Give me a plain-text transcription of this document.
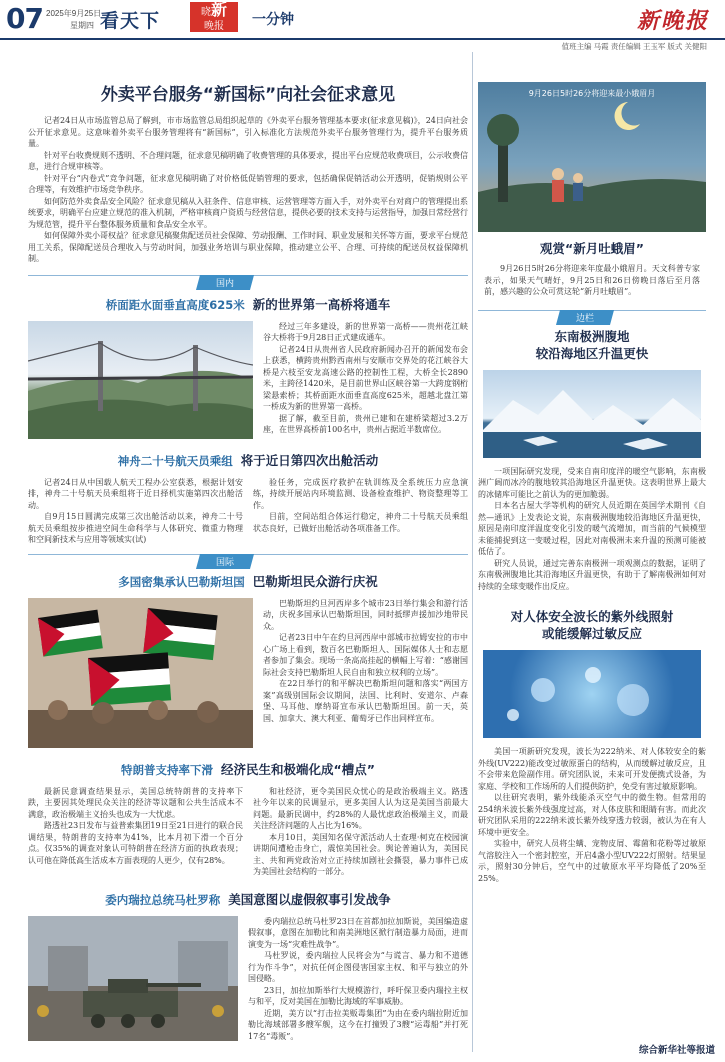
07 2025年9月25日
星期四 看天下	晓新
晚报	一分钟	新晚报
值班主编 马霞 责任编辑 王玉军 版式 关健阳
外卖平台服务“新国标”向社会征求意见

记者24日从市场监管总局了解到，市市场监管总局组织起草的《外卖平台服务管理基本要求(征求意见稿)》，24日向社会公开征求意见。这意味着外卖平台服务管理将有“新国标”，引入标准化方法规范外卖平台服务管理行为，提升平台服务质量。

针对平台收费规则不透明、不合理问题，征求意见稿明确了收费管理的具体要求，提出平台应规范收费项目，公示收费信息，进行合规审核等。

针对平台“内卷式”竞争问题，征求意见稿明确了对价格低促销管理的要求，包括确保促销活动公开透明，促销规则公平合理等，有效维护市场竞争秩序。

如何防范外卖食品安全风险？征求意见稿从入驻条件、信息审核、运营管理等方面入手，对外卖平台对商户的管理提出系统要求，明确平台应建立规范的准入机制，严格审核商户资质与经营信息，提供必要的技术支持与运营指导，加强日常经营行为规范管，提升平台整体服务质量和食品安全水平。

如何保障外卖小哥权益？征求意见稿聚焦配送员社会保障、劳动报酬、工作时间、职业发展和关怀等方面，要求平台规范用工关系，保障配送员合理收入与劳动时间，加强业务培训与职业保障，推动建立公平、合理、可持续的配送员权益保障机制。

国内
桥面距水面垂直高度625米 新的世界第一高桥将通车

经过三年多建设，新的世界第一高桥——贵州花江峡谷大桥将于9月28日正式建成通车。

记者24日从贵州省人民政府新闻办召开的新闻发布会上获悉，横跨贵州黔西南州与安顺市交界处的花江峡谷大桥是六枝至安龙高速公路的控制性工程，大桥全长2890米，主跨径1420米，是目前世界山区峡谷第一大跨度钢桁梁悬索桥；其桥面距水面垂直高度625米，超越北盘江第一桥成为新的世界第一高桥。

据了解，截至目前，贵州已建和在建桥梁超过3.2万座，在世界高桥前100名中，贵州占据近半数席位。

神舟二十号航天员乘组 将于近日第四次出舱活动

记者24日从中国载人航天工程办公室获悉，根据计划安排，神舟二十号航天员乘组将于近日择机实施第四次出舱活动。

自9月15日圆满完成第三次出舱活动以来，神舟二十号航天员乘组按步推进空间生命科学与人体研究、微重力物理和空间新技术与应用等领域实(试)

验任务，完成医疗救护在轨训练及全系统压力应急演练，持续开展站内环境监测、设备检查维护、物资整理等工作。

目前，空间站组合体运行稳定，神舟二十号航天员乘组状态良好，已做好出舱活动各项准备工作。

国际
多国密集承认巴勒斯坦国 巴勒斯坦民众游行庆祝

巴勒斯坦约旦河西岸多个城市23日举行集会和游行活动，庆祝多国承认巴勒斯坦国，同时抵缪声援加沙地带民众。

记者23日中午在约旦河西岸中部城市拉姆安拉的市中心广场上看到，数百名巴勒斯坦人、国际媒体人士和志愿者参加了集会。现场一条高高挂起的横幅上写着：“感谢国际社会支持巴勒斯坦人民自由和独立权利的立场”。

在22日举行的和平解决巴勒斯坦问题和落实“两国方案”高级别国际会议期间，法国、比利时、安道尔、卢森堡、马耳他、摩纳哥宣布承认巴勒斯坦国。前一天，英国、加拿大、澳大利亚、葡萄牙已作出同样宣布。

特朗普支持率下滑 经济民生和极端化成“槽点”

最新民意调查结果显示，美国总统特朗普的支持率下跌，主要因其处理民众关注的经济等议题和公共生活成本不满意，政治极端主义抬头也成为一大忧虑。

路透社23日发布与益普索集团19日至21日进行的联合民调结果，特朗普的支持率为41%，比本月初下滑一个百分点。仅35%的调查对象认可特朗普在经济方面的执政表现；认可他在降低高生活成本方面表现的人更少，仅有28%。

和社经济，更令美国民众忧心的是政治极端主义。路透社今年以来的民调显示，更多美国人认为这是美国当前最大问题。最新民调中，约28%的人最忧虑政治极端主义，而最关注经济问题的人占比为16%。

本月10日，美国知名保守派活动人士查理·柯克在校园演讲期间遭枪击身亡，震惊美国社会。舆论普遍认为，美国民主、共和两党政治对立正持续加剧社会撕裂，暴力事件已成为美国社会结构的一部分。

委内瑞拉总统马杜罗称 美国意图以虚假叙事引发战争

委内瑞拉总统马杜罗23日在首都加拉加斯说，美国编造虚假叙事，意图在加勒比和南美洲地区掀行制造暴力局面，进而演变为一场“灾难性战争”。

马杜罗说，委内瑞拉人民将会为“与谎言、暴力和不道德行为作斗争”，对抗任何企图侵害国家主权、和平与独立的外国侵略。

23日，加拉加斯举行大规模游行，呼吁保卫委内瑞拉主权与和平，反对美国在加勒比海域的军事威胁。

近期，美方以“打击拉美贩毒集团”为由在委内瑞拉附近加勒比海域部署多艘军舰，这今在打撞毁了3艘“运毒船”并打死17名“毒贩”。

9月26日5时26分将迎来最小娥眉月
观赏“新月吐蛾眉”

9月26日5时26分将迎来年度最小娥眉月。天文科普专家表示，如果天气晴好，9月25日和26日傍晚日落后至月落前，感兴趣的公众可赏这轮“新月吐蛾眉”。

边栏
东南极洲腹地
较沿海地区升温更快

一项国际研究发现，受来自南印度洋的暖空气影响，东南极洲广阔而冰冷的腹地较其沿海地区升温更快。这表明世界上最大的冰储库可能比之前认为的更加脆弱。

日本名古屋大学等机构的研究人员近期在英国学术期刊《自然—通讯》上发表论文说，东南极洲腹地较沿海地区升温更快，原因是南印度洋温度变化引发的暖气流增加，而当前的气候模型未能捕捉到这一变暖过程，因此对南极洲未来升温的预测可能被低估了。

研究人员说，通过完善东南极洲一项观测点的数据，证明了东南极洲腹地比其沿海地区升温更快，有助于了解南极洲如何对持续的全球变暖作出反应。

对人体安全波长的紫外线照射
或能缓解过敏反应

美国一项新研究发现，波长为222纳米、对人体较安全的紫外线(UV222)能改变过敏原蛋白的结构，从而缓解过敏反应，且不会带来危险副作用。研究团队说，未来可开发便携式设备，为家庭、学校和工作场所的人们提供防护，免受有害过敏原影响。

以往研究表明，紫外线能杀灭空气中的微生物。但常用的254纳米波长紫外线强度过高，对人体皮肤和眼睛有害。而此次研究团队采用的222纳米波长紫外线穿透力较弱，被认为在有人环境中更安全。

实验中，研究人员将尘螨、宠物皮屑、霉菌和花粉等过敏原气溶胶注入一个密封腔室，开启4盏小型UV222灯照射。结果显示，照射30分钟后，空气中的过敏原水平平均降低了20%至25%。

综合新华社等报道
